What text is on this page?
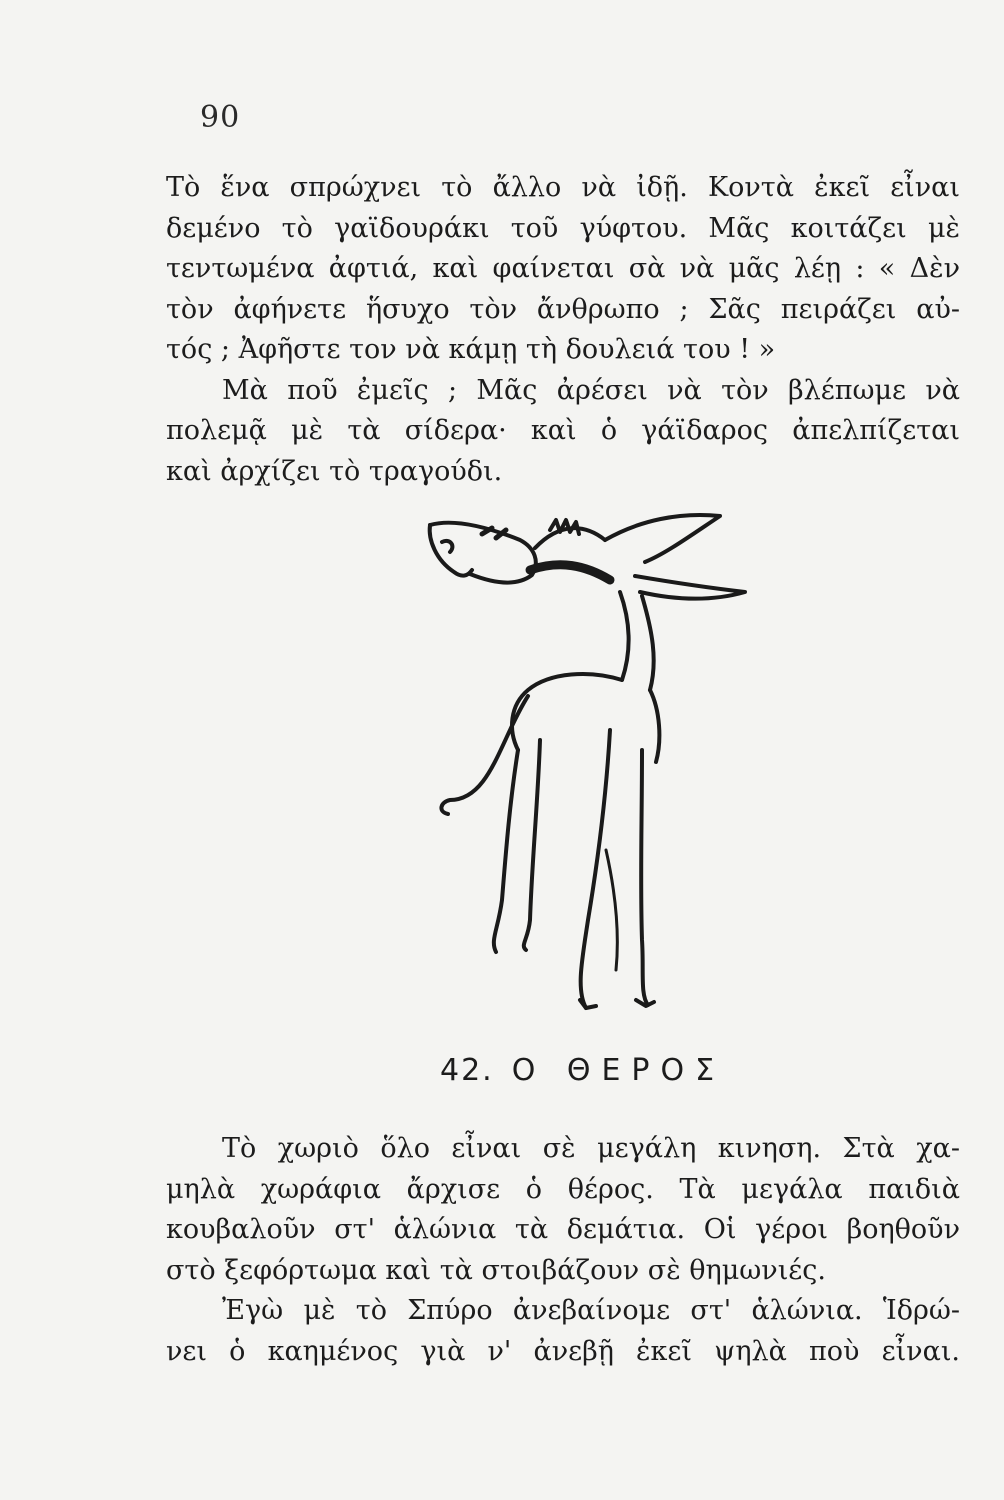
90
Τὸ ἕνα σπρώχνει τὸ ἄλλο νὰ ἰδῇ. Κοντὰ ἐκεῖ εἶναι
δεμένο τὸ γαϊδουράκι τοῦ γύφτου. Μᾶς κοιτάζει μὲ
τεντωμένα ἀφτιά, καὶ φαίνεται σὰ νὰ μᾶς λέῃ : « Δὲν
τὸν ἀφήνετε ἥσυχο τὸν ἄνθρωπο ; Σᾶς πειράζει αὐ-
τός ; Ἀφῆστε τον νὰ κάμῃ τὴ δουλειά του ! »
Μὰ ποῦ ἐμεῖς ; Μᾶς ἀρέσει νὰ τὸν βλέπωμε νὰ
πολεμᾷ μὲ τὰ σίδερα· καὶ ὁ γάϊδαρος ἀπελπίζεται
καὶ ἀρχίζει τὸ τραγούδι.
42. Ο ΘΕΡΟΣ
Τὸ χωριὸ ὅλο εἶναι σὲ μεγάλη κινηση. Στὰ χα-
μηλὰ χωράφια ἄρχισε ὁ θέρος. Τὰ μεγάλα παιδιὰ
κουβαλοῦν στ' ἁλώνια τὰ δεμάτια. Οἱ γέροι βοηθοῦν
στὸ ξεφόρτωμα καὶ τὰ στοιβάζουν σὲ θημωνιές.
Ἐγὼ μὲ τὸ Σπύρο ἀνεβαίνομε στ' ἁλώνια. Ἱδρώ-
νει ὁ καημένος γιὰ ν' ἀνεβῇ ἐκεῖ ψηλὰ ποὺ εἶναι.
